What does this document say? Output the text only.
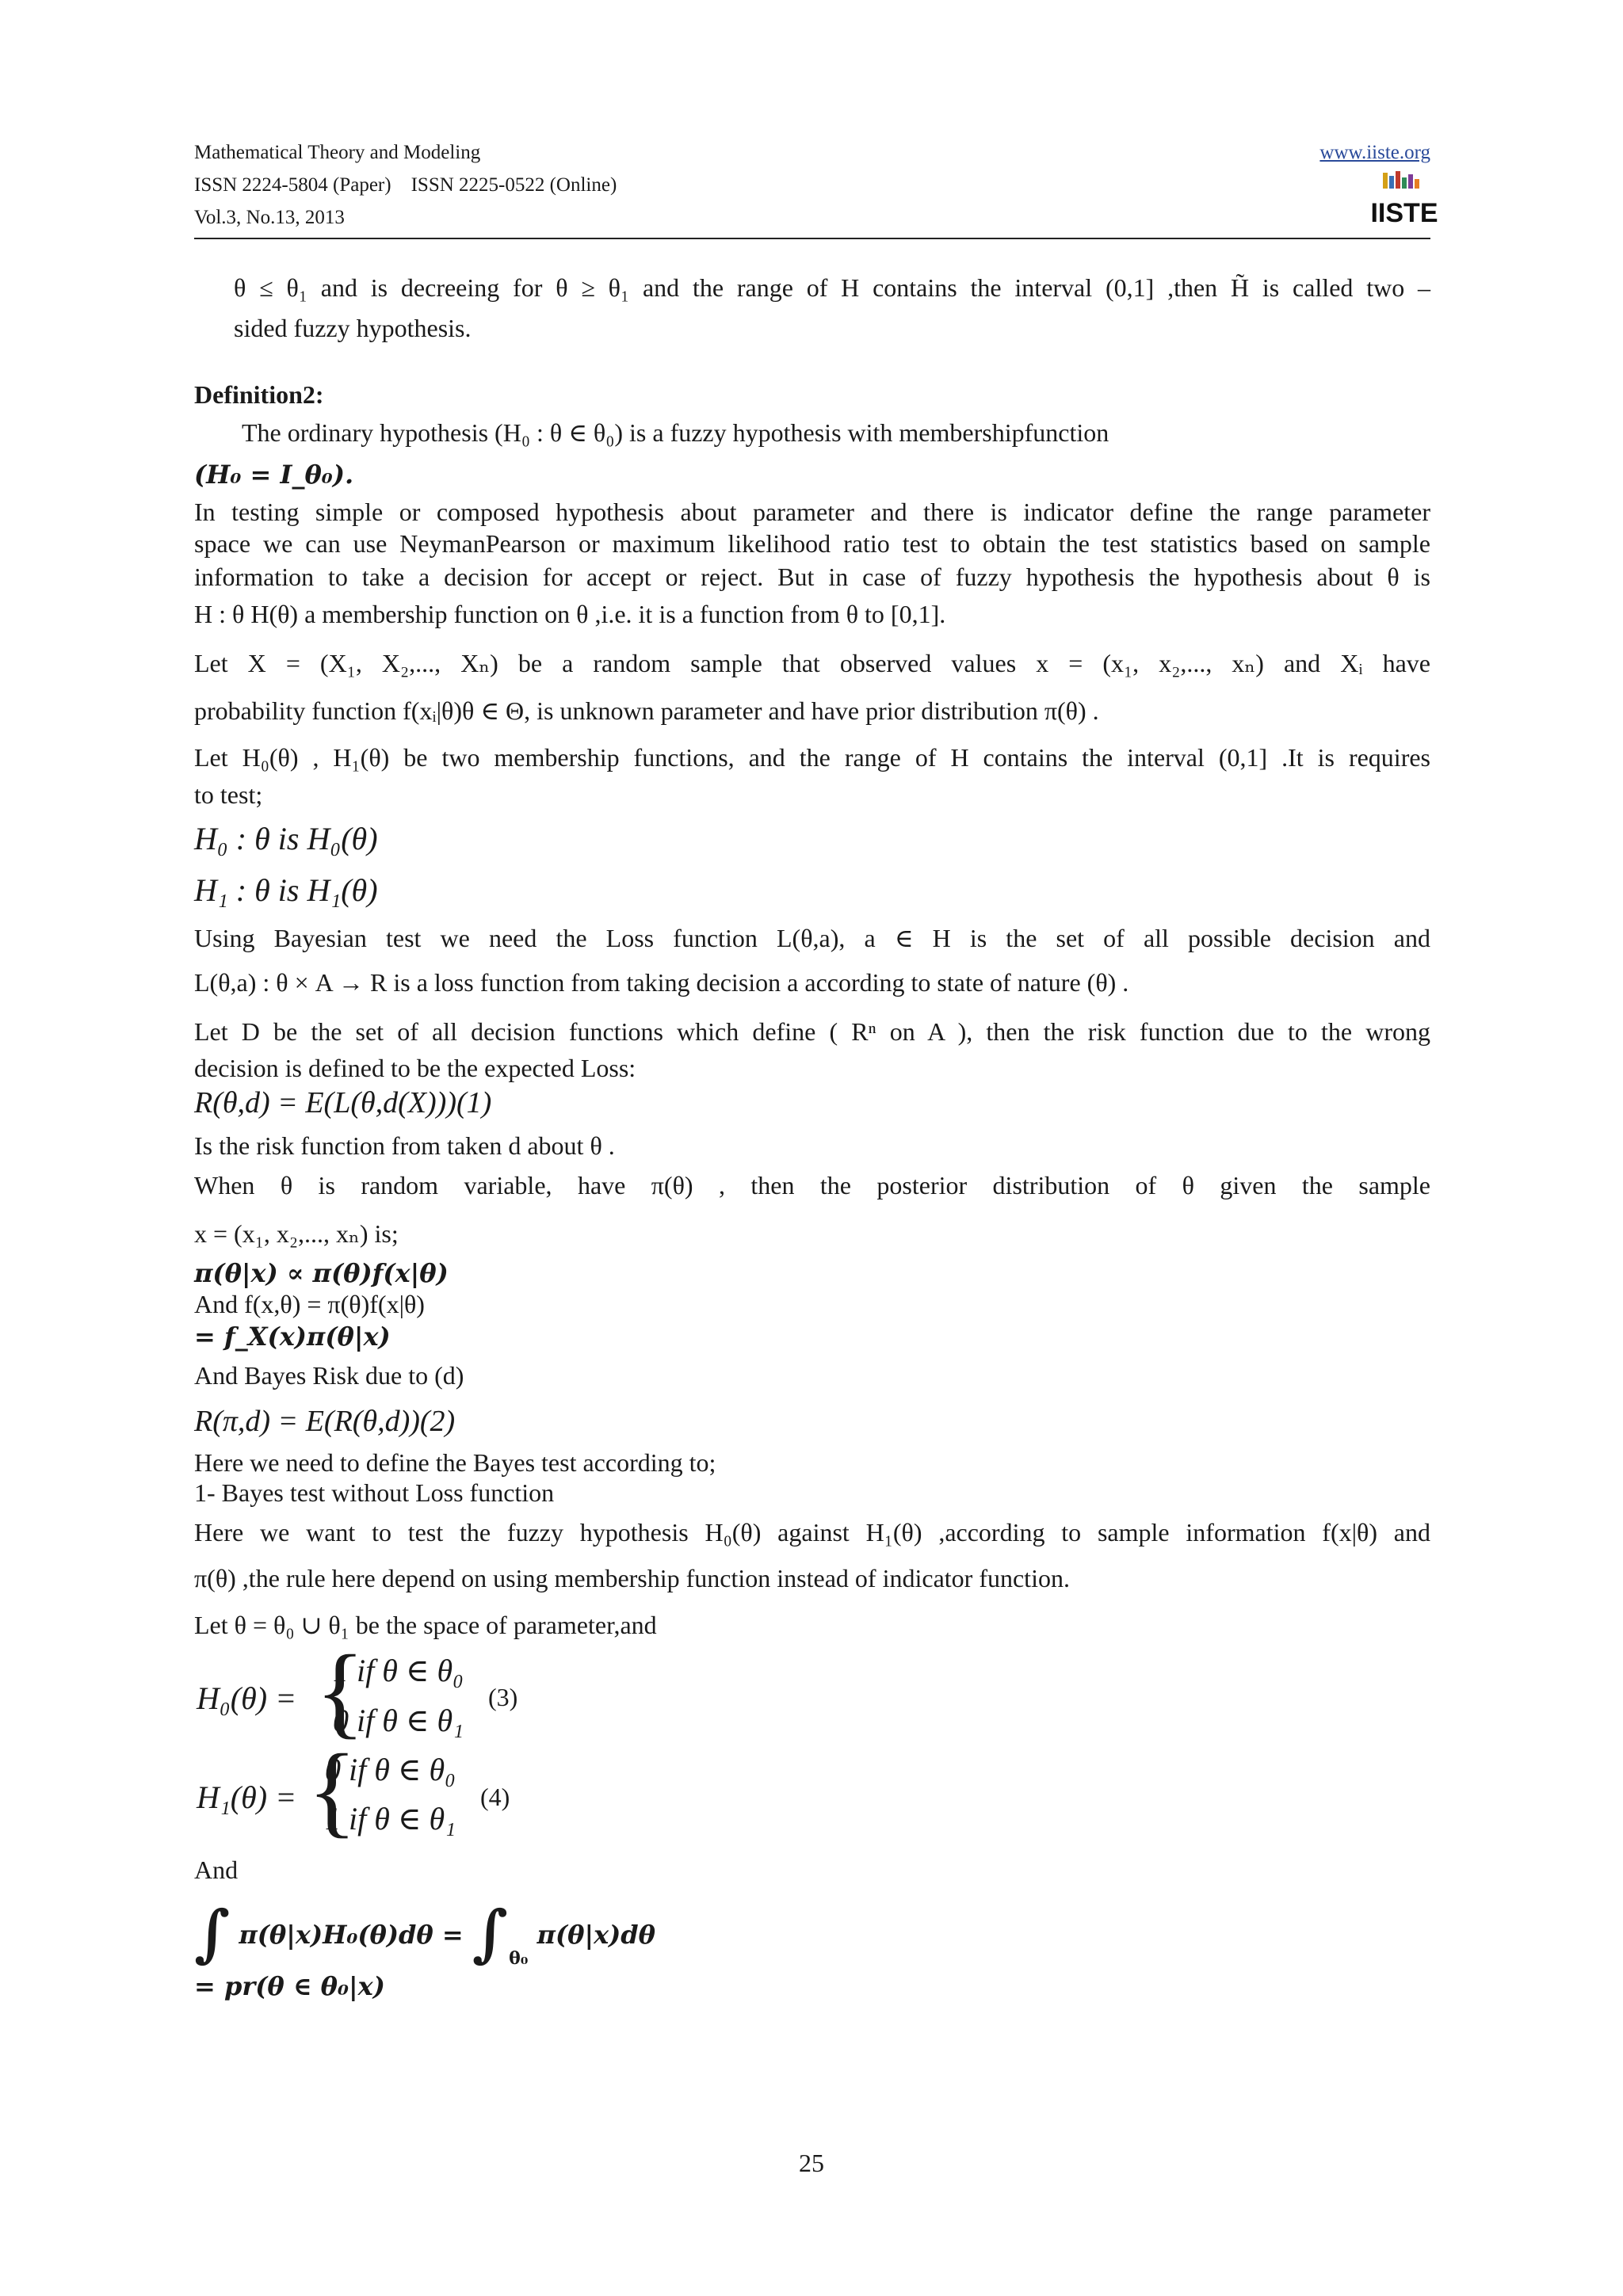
Mathematical Theory and Modeling
ISSN 2224-5804 (Paper)    ISSN 2225-0522 (Online)
Vol.3, No.13, 2013
www.iiste.org
IISTE
θ ≤ θ₁ and is decreeing for θ ≥ θ₁ and the range of H contains the interval (0,1] ,then H̃ is called two –
sided fuzzy hypothesis.
Definition2:
The ordinary hypothesis (H₀ : θ ∈ θ₀) is a fuzzy hypothesis with membershipfunction
(H₀ = I_θ₀).
In testing simple or composed hypothesis about parameter and there is indicator define the range parameter
space we can use NeymanPearson or maximum likelihood ratio test to obtain the test statistics based on sample
information to take a decision for accept or reject. But in case of fuzzy hypothesis the hypothesis about θ is
H : θ H(θ) a membership function on θ ,i.e. it is a function from θ to [0,1].
Let X = (X₁, X₂,..., Xₙ) be a random sample that observed values x = (x₁, x₂,..., xₙ) and Xᵢ have
probability function f(xᵢ|θ)θ ∈ Θ, is unknown parameter and have prior distribution π(θ) .
Let H₀(θ) , H₁(θ) be two membership functions, and the range of H contains the interval (0,1] .It is requires
to test;
H₀ : θ is H₀(θ)
H₁ : θ is H₁(θ)
Using Bayesian test we need the Loss function L(θ,a), a ∈ H is the set of all possible decision and
L(θ,a) : θ × A → R is a loss function from taking decision a according to state of nature (θ) .
Let D be the set of all decision functions which define ( Rⁿ on A ), then the risk function due to the wrong
decision is defined to be the expected Loss:
R(θ,d) = E(L(θ,d(X)))(1)
Is the risk function from taken d about θ .
When θ is random variable, have π(θ) , then the posterior distribution of θ given the sample
x = (x₁, x₂,..., xₙ) is;
π(θ|x) ∝ π(θ)f(x|θ)
And f(x,θ) = π(θ)f(x|θ)
= f_X(x)π(θ|x)
And Bayes Risk due to (d)
R(π,d) = E(R(θ,d))(2)
Here we need to define the Bayes test according to;
1- Bayes test without Loss function
Here we want to test the fuzzy hypothesis H₀(θ) against H₁(θ) ,according to sample information f(x|θ) and
π(θ) ,the rule here depend on using membership function instead of indicator function.
Let θ = θ₀ ∪ θ₁ be the space of parameter,and
H₀(θ) = {
1 if θ ∈ θ₀
0 if θ ∈ θ₁
(3)
H₁(θ) = {
0 if θ ∈ θ₀
1 if θ ∈ θ₁
(4)
And
∫ π(θ|x)H₀(θ)dθ = ∫ $_{\theta_0}$ π(θ|x)dθ
= pr(θ ∈ θ₀|x)
25
